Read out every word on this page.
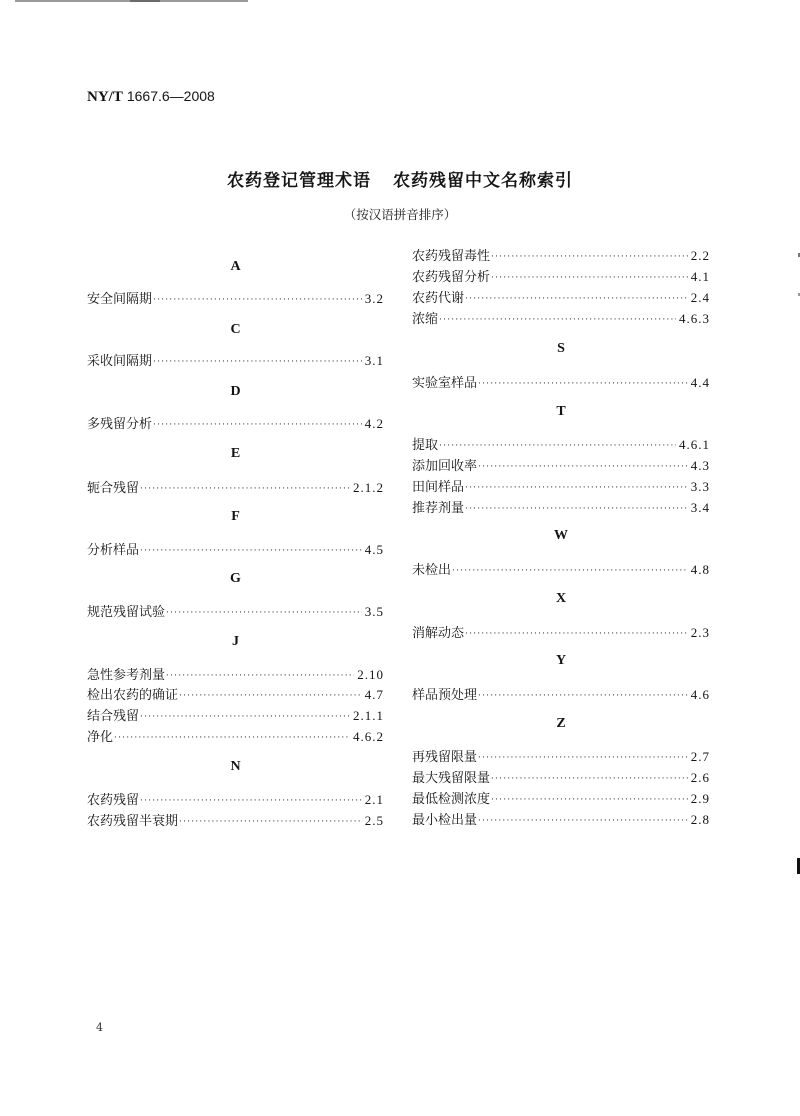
NY/T 1667.6—2008
农药登记管理术语 农药残留中文名称索引
（按汉语拼音排序）
A
安全间隔期 ·····	3.2
C
采收间隔期 ·····	3.1
D
多残留分析 ·····	4.2
E
轭合残留 ·····	2.1.2
F
分析样品 ·····	4.5
G
规范残留试验 ·····	3.5
J
急性参考剂量 ·····	2.10
检出农药的确证 ·····	4.7
结合残留 ·····	2.1.1
净化 ·····	4.6.2
N
农药残留 ·····	2.1
农药残留半衰期 ·····	2.5
农药残留毒性 ·····	2.2
农药残留分析 ·····	4.1
农药代谢 ·····	2.4
浓缩 ·····	4.6.3
S
实验室样品 ·····	4.4
T
提取 ·····	4.6.1
添加回收率 ·····	4.3
田间样品 ·····	3.3
推荐剂量 ·····	3.4
W
未检出 ·····	4.8
X
消解动态 ·····	2.3
Y
样品预处理 ·····	4.6
Z
再残留限量 ·····	2.7
最大残留限量 ·····	2.6
最低检测浓度 ·····	2.9
最小检出量 ·····	2.8
4
